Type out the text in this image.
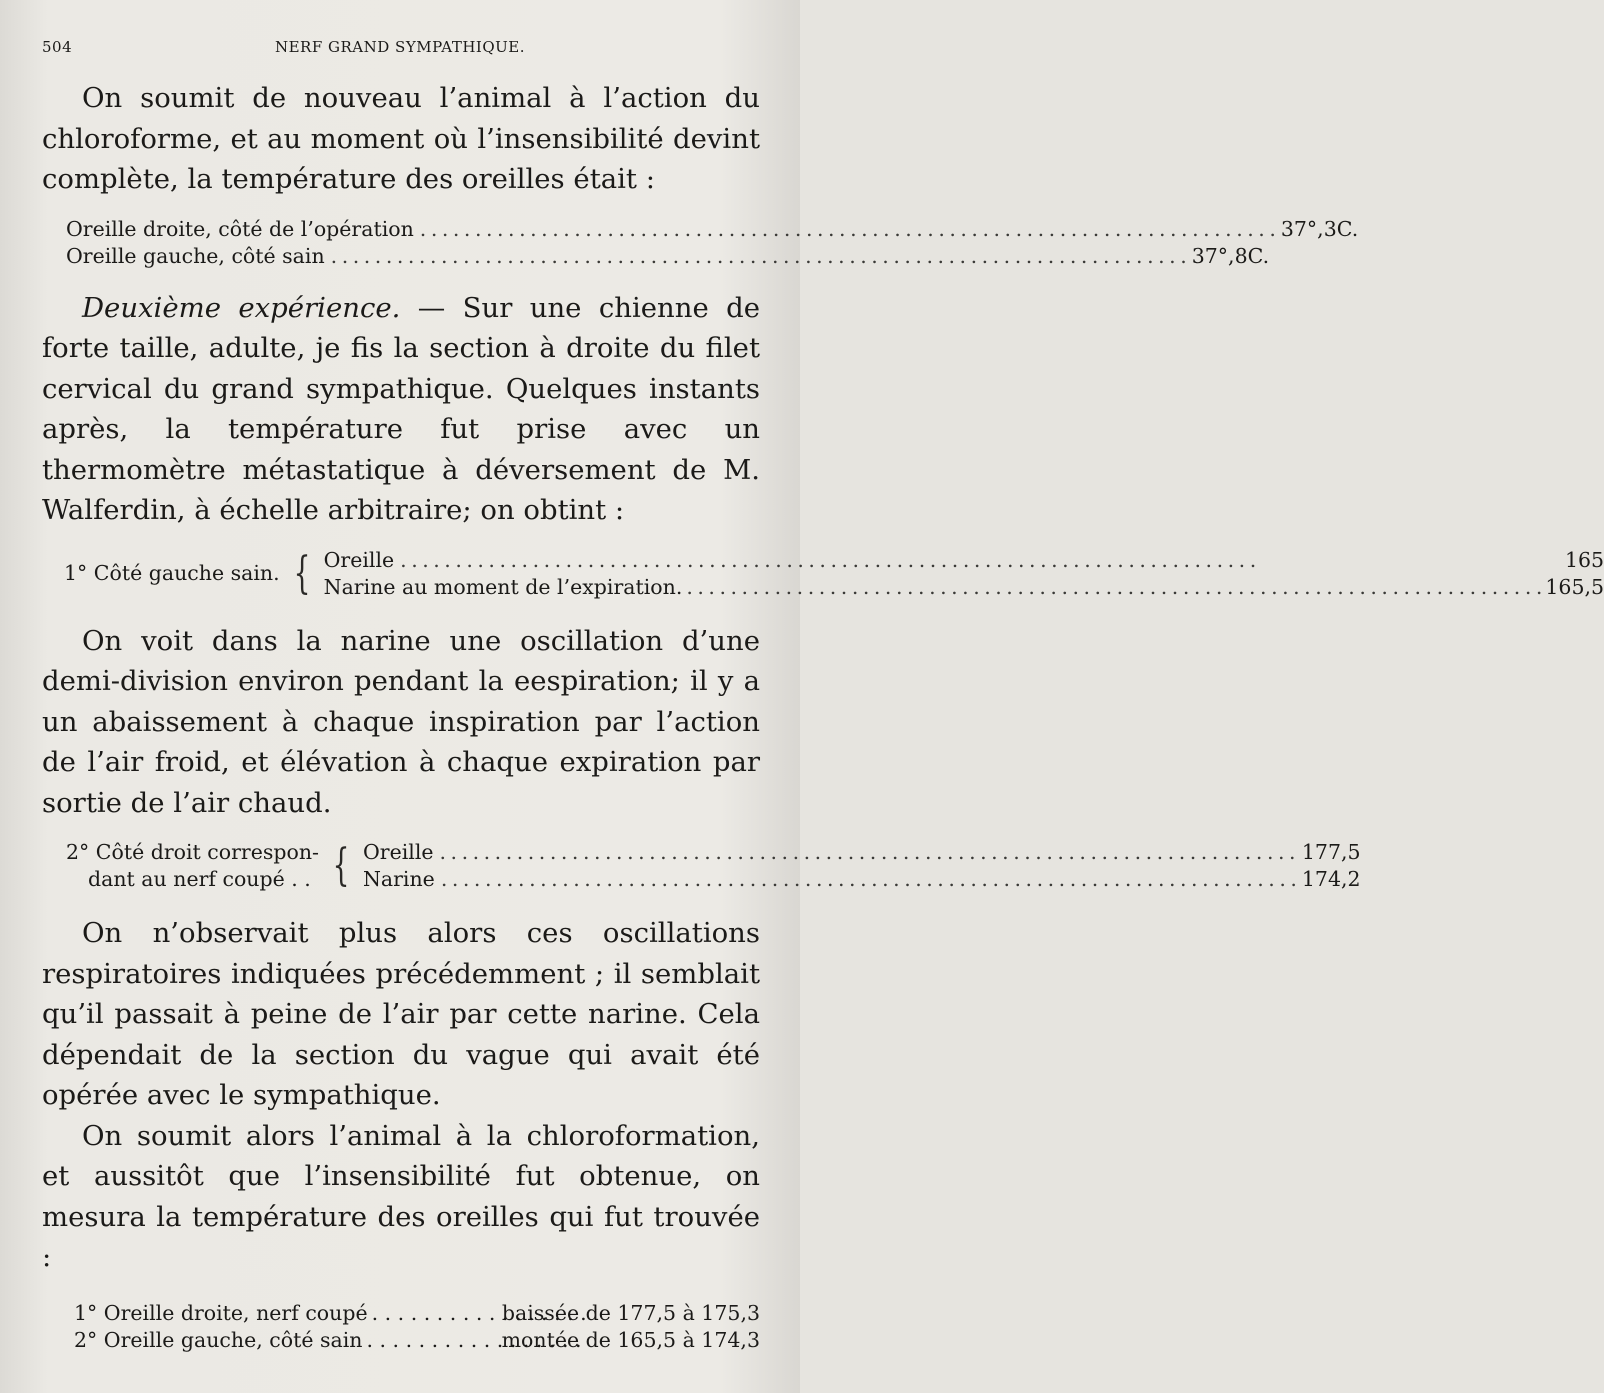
504	NERF GRAND SYMPATHIQUE.

On soumit de nouveau l’animal à l’action du chloroforme, et au moment où l’insensibilité devint complète, la température des oreilles était :

Oreille droite, côté de l’opération . . .	37°,3C.
Oreille gauche, côté sain . . .	37°,8C.

Deuxième expérience. — Sur une chienne de forte taille, adulte, je fis la section à droite du filet cervical du grand sympathique. Quelques instants après, la température fut prise avec un thermomètre métastatique à déversement de M. Walferdin, à échelle arbitraire; on obtint :

1° Côté gauche sain. { Oreille . . .	165
Narine au moment de l’expiration. . . .	165,5

On voit dans la narine une oscillation d’une demi-division environ pendant la eespiration; il y a un abaissement à chaque inspiration par l’action de l’air froid, et élévation à chaque expiration par sortie de l’air chaud.

2° Côté droit correspon-
dant au nerf coupé . . { Oreille . . .	177,5
Narine . . .	174,2

On n’observait plus alors ces oscillations respiratoires indiquées précédemment ; il semblait qu’il passait à peine de l’air par cette narine. Cela dépendait de la section du vague qui avait été opérée avec le sympathique.

On soumit alors l’animal à la chloroformation, et aussitôt que l’insensibilité fut obtenue, on mesura la température des oreilles qui fut trouvée :

1° Oreille droite, nerf coupé . . .	baissée de 177,5 à 175,3
2° Oreille gauche, côté sain . . .	montée de 165,5 à 174,3
